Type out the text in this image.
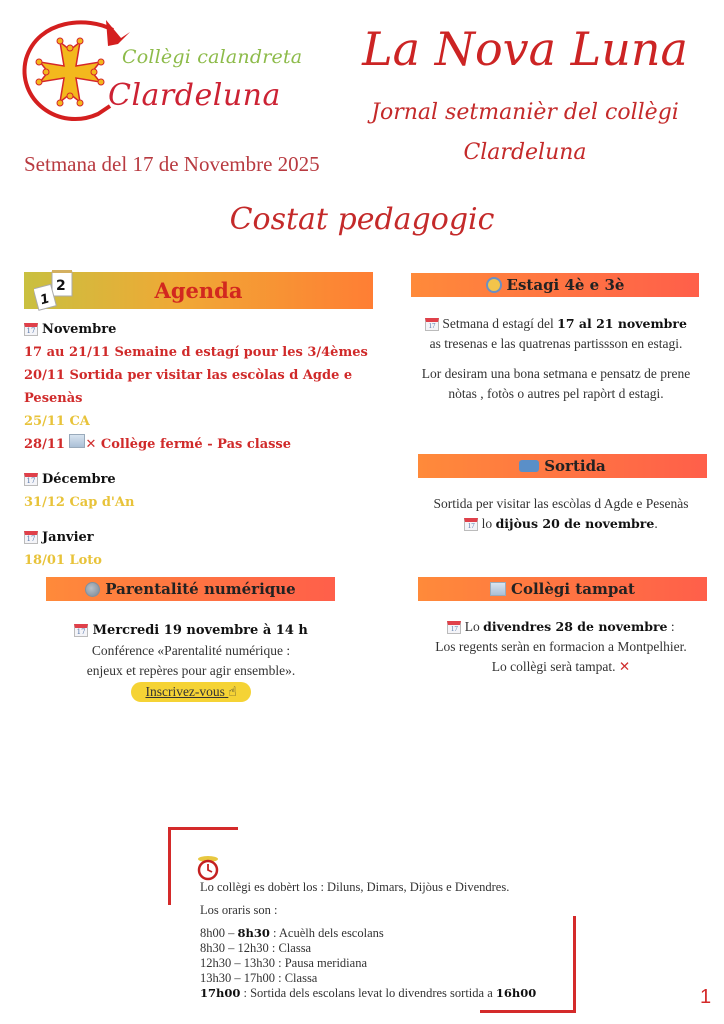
Collègi calandreta
Clardeluna
Setmana del 17 de Novembre 2025
La Nova Luna
Jornal setmanièr del collègi
Clardeluna
Costat pedagogic
Agenda
2
1
17 Novembre
17 au 21/11 Semaine d estagí pour les 3/4èmes
20/11 Sortida per visitar las escòlas d Agde e Pesenàs
25/11 CA
28/11 ✕ Collège fermé - Pas classe
17 Décembre
31/12 Cap d'An
17 Janvier
18/01 Loto
Estagi 4è e 3è
17 Setmana d estagí del 17 al 21 novembre
as tresenas e las quatrenas partissson en estagi.
Lor desiram una bona setmana e pensatz de prene nòtas , fotòs o autres pel rapòrt d estagi.
Sortida
Sortida per visitar las escòlas d Agde e Pesenàs
17 lo dijòus 20 de novembre.
Parentalité numérique
17 Mercredi 19 novembre à 14 h
Conférence «Parentalité numérique :
enjeux et repères pour agir ensemble».
Inscrivez-vous ☝
Collègi tampat
17 Lo divendres 28 de novembre :
Los regents seràn en formacion a Montpelhier.
Lo collègi serà tampat. ✕
Lo collègi es dobèrt los : Diluns, Dimars, Dijòus e Divendres.
Los oraris son :
8h00 – 8h30 : Acuèlh dels escolans
8h30 – 12h30 : Classa
12h30 – 13h30 : Pausa meridiana
13h30 – 17h00 : Classa
17h00 : Sortida dels escolans levat lo divendres sortida a 16h00	1
